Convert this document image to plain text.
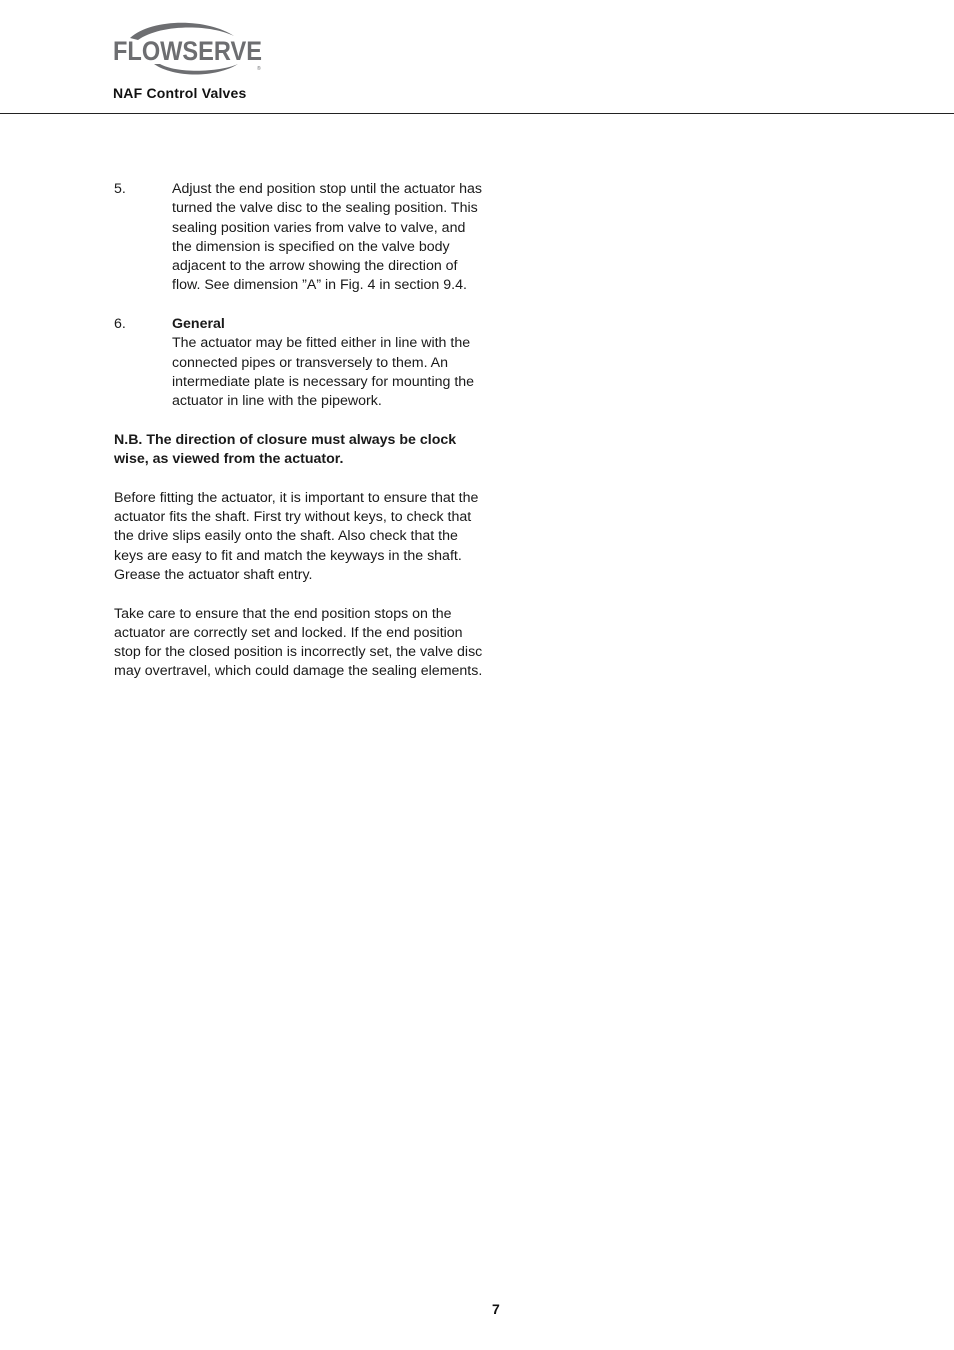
FLOWSERVE
®
NAF Control Valves
5.	Adjust the end position stop until the actuator has turned the valve disc to the sealing position. This sealing position varies from valve to valve, and the dimension is specified on the valve body adjacent to the arrow showing the direction of flow. See dimension ”A” in Fig. 4 in section 9.4.
6.	General
The actuator may be fitted either in line with the connected pipes or transversely to them. An intermediate plate is necessary for mounting the actuator in line with the pipework.

N.B. The direction of closure must always be clock wise, as viewed from the actuator.

Before fitting the actuator, it is important to ensure that the actuator fits the shaft. First try without keys, to check that the drive slips easily onto the shaft. Also check that the keys are easy to fit and match the keyways in the shaft. Grease the actuator shaft entry.

Take care to ensure that the end position stops on the actuator are correctly set and locked. If the end position stop for the closed position is incorrectly set, the valve disc may overtravel, which could damage the sealing elements.

7
